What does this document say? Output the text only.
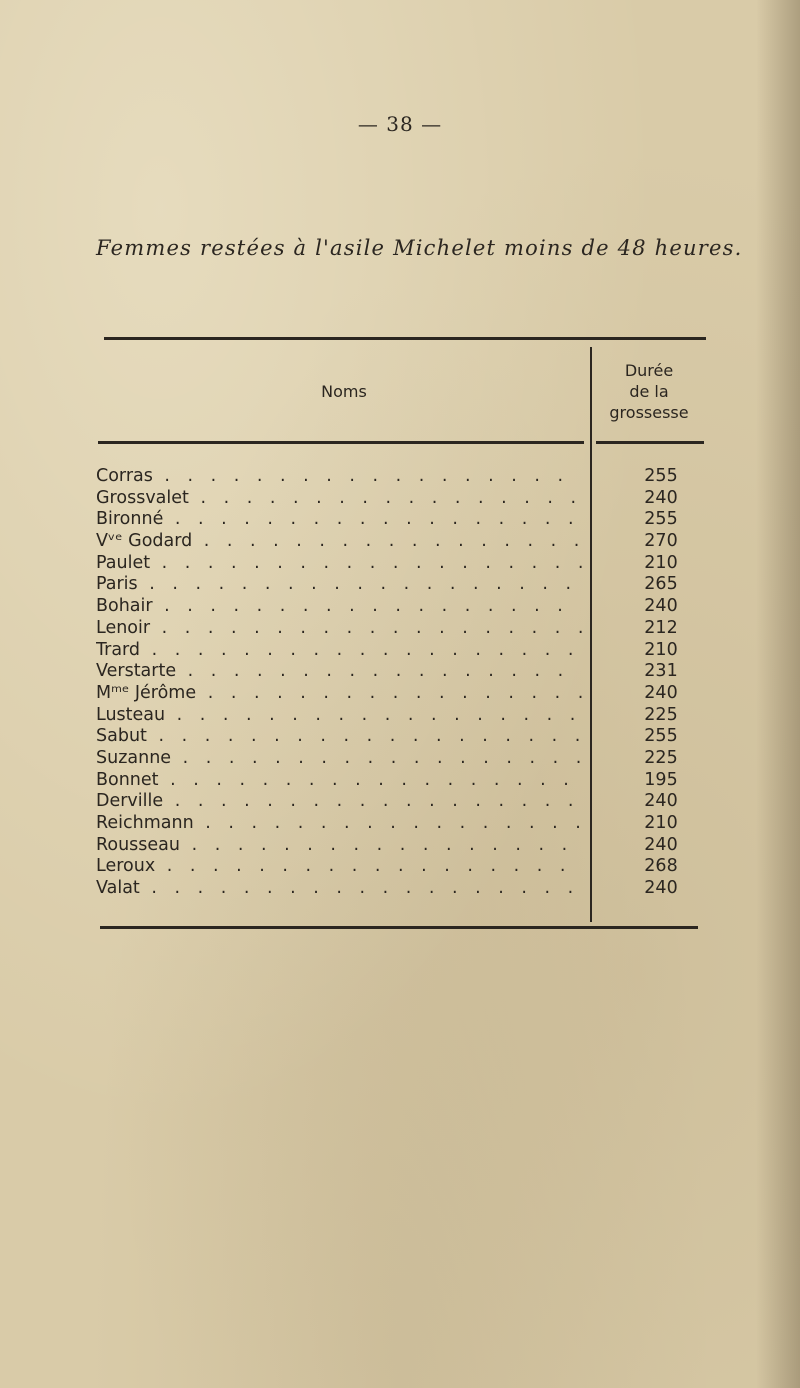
— 38 —
Femmes restées à l'asile Michelet moins de 48 heures.
Noms
Durée
de la
grossesse
Corras . . .	255
Grossvalet . . .	240
Bironné . . .	255
Vᵛᵉ Godard . . .	270
Paulet . . .	210
Paris . . .	265
Bohair . . .	240
Lenoir . . .	212
Trard . . .	210
Verstarte . . .	231
Mᵐᵉ Jérôme . . .	240
Lusteau . . .	225
Sabut . . .	255
Suzanne . . .	225
Bonnet . . .	195
Derville . . .	240
Reichmann . . .	210
Rousseau . . .	240
Leroux . . .	268
Valat . . .	240
